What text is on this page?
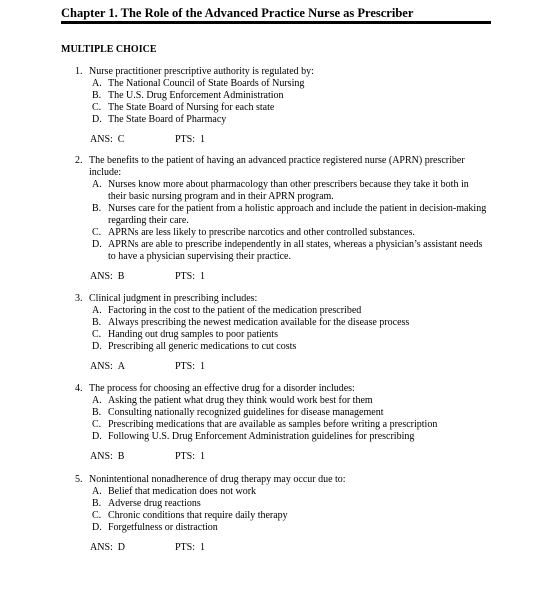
Chapter 1. The Role of the Advanced Practice Nurse as Prescriber
MULTIPLE CHOICE
1. Nurse practitioner prescriptive authority is regulated by:
A. The National Council of State Boards of Nursing
B. The U.S. Drug Enforcement Administration
C. The State Board of Nursing for each state
D. The State Board of Pharmacy
ANS: C	PTS: 1
2. The benefits to the patient of having an advanced practice registered nurse (APRN) prescriber include:
A. Nurses know more about pharmacology than other prescribers because they take it both in their basic nursing program and in their APRN program.
B. Nurses care for the patient from a holistic approach and include the patient in decision-making regarding their care.
C. APRNs are less likely to prescribe narcotics and other controlled substances.
D. APRNs are able to prescribe independently in all states, whereas a physician’s assistant needs to have a physician supervising their practice.
ANS: B	PTS: 1
3. Clinical judgment in prescribing includes:
A. Factoring in the cost to the patient of the medication prescribed
B. Always prescribing the newest medication available for the disease process
C. Handing out drug samples to poor patients
D. Prescribing all generic medications to cut costs
ANS: A	PTS: 1
4. The process for choosing an effective drug for a disorder includes:
A. Asking the patient what drug they think would work best for them
B. Consulting nationally recognized guidelines for disease management
C. Prescribing medications that are available as samples before writing a prescription
D. Following U.S. Drug Enforcement Administration guidelines for prescribing
ANS: B	PTS: 1
5. Nonintentional nonadherence of drug therapy may occur due to:
A. Belief that medication does not work
B. Adverse drug reactions
C. Chronic conditions that require daily therapy
D. Forgetfulness or distraction
ANS: D	PTS: 1
